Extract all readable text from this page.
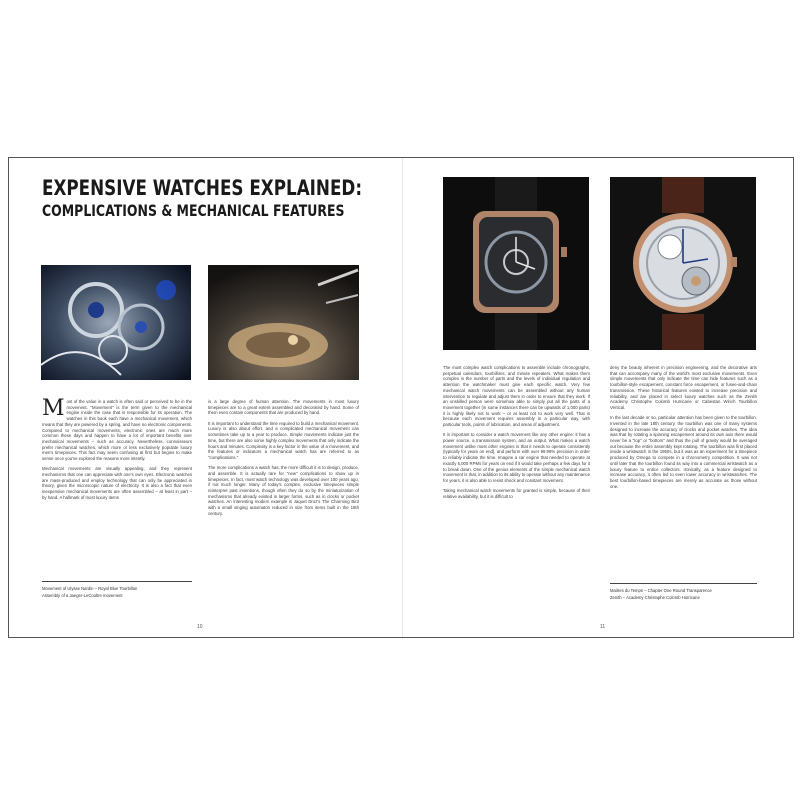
EXPENSIVE WATCHES EXPLAINED:
COMPLICATIONS & MECHANICAL FEATURES

Most of the value in a watch is often said or perceived to be in the movement. "Movement" is the term given to the mechanical engine inside the case that is responsible for its operation. The watches in this book each have a mechanical movement, which means that they are powered by a spring, and have no electronic components. Compared to mechanical movements, electronic ones are much more common these days and happen to have a lot of important benefits over mechanical movements – such as accuracy. Nevertheless, connoisseurs prefer mechanical watches, which more or less exclusively populate luxury men's timepieces. This fact may seem confusing at first but begins to make sense once you've explored the reasons more intently.

Mechanical movements are visually appealing, and they represent mechanisms that one can appreciate with one's own eyes. Electronic watches are mass-produced and employ technology that can only be appreciated in theory, given the microscopic nature of electricity. It is also a fact that even inexpensive mechanical movements are often assembled – at least in part – by hand. A hallmark of most luxury items

is a large degree of human attention. The movements in most luxury timepieces are to a great extent assembled and decorated by hand. Some of them even contain components that are produced by hand.

It is important to understand the time required to build a mechanical movement. Luxury is also about effort, and a complicated mechanical movement can sometimes take up to a year to produce. Simple movements indicate just the time, but there are also some highly complex movements that only indicate the hours and minutes. Complexity is a key factor in the value of a movement, and the features or indicators a mechanical watch has are referred to as "complications."

The more complications a watch has, the more difficult it is to design, produce, and assemble. It is actually rare for "new" complications to show up in timepieces. In fact, most watch technology was developed over 100 years ago, if not much longer. Many of today's complex, exclusive timepieces simple reinterpret past inventions, though often they do so by the miniaturization of mechanisms that already existed in larger forms, such as in clocks or pocket watches. An interesting modern example is Jaquet Droz's The Charming Bird with a small singing automaton reduced in size from items built in the 18th century.

Movement of Ulysse Nardin – Royal Blue Tourbillon
Assembly of a Jaeger-LeCoultre movement
10

The most complex watch complications to assemble include chronographs, perpetual calendars, tourbillons, and minute repeaters. What makes them complex is the number of parts and the levels of individual regulation and attention the watchmaker must give each specific watch. Very few mechanical watch movements can be assembled without any human intervention to regulate and adjust them in order to ensure that they work. If an unskilled person were somehow able to simply put all the parts of a movement together (in some instances there can be upwards of 1,000 parts) it is highly likely not to work – or at least not to work very well. That is because each movement requires assembly in a particular way, with particular tools, points of lubrication, and areas of adjustment.

It is important to consider a watch movement like any other engine: it has a power source, a transmission system, and an output. What makes a watch movement unlike most other engines is that it needs to operate consistently (typically for years on end), and perform with over 99.99% precision in order to reliably indicate the time. Imagine a car engine that needed to operate at exactly 6,000 RPMs for years on end if it would take perhaps a few days for it to break down. One of the genius elements of the simple mechanical watch movement is that, in addition to its ability to operate without any maintenance for years, it is also able to resist shock and constant movement.

Taking mechanical watch movements for granted is simple, because of their relative availability, but it is difficult to

deny the beauty inherent in precision engineering, and the decorative arts that can accompany many of the world's most exclusive movements. Even simple movements that only indicate the time can hide features such as a tourbillon-style escapement, constant force escapement, or fusee-and-chain transmission. These historical features existed to increase precision and reliability, and are placed in select luxury watches such as the Zenith Academy Christophe Colomb Hurricane or Cabestan Winch Tourbillon Vertical.

In the last decade or so, particular attention has been given to the tourbillon. Invented in the late 18th century, the tourbillon was one of many systems designed to increase the accuracy of clocks and pocket watches. The idea was that by rotating a spinning escapement around its own axis there would never be a "top" or "bottom" and thus the pull of gravity would be averaged out because the entire assembly kept rotating. The tourbillon was first placed inside a wristwatch in the 1950s, but it was as an experiment for a timepiece produced by Omega to compete in a chronometry competition. It was not until later that the tourbillon found its way into a commercial wristwatch as a luxury feature to entice collectors. Ironically, as a feature designed to increase accuracy, it often led to even lower accuracy in wristwatches. The best tourbillon-based timepieces are merely as accurate as those without one.

Maitres du Temps – Chapter One Round Transparence
Zenith – Academy Christophe Colomb Hurricane
11
